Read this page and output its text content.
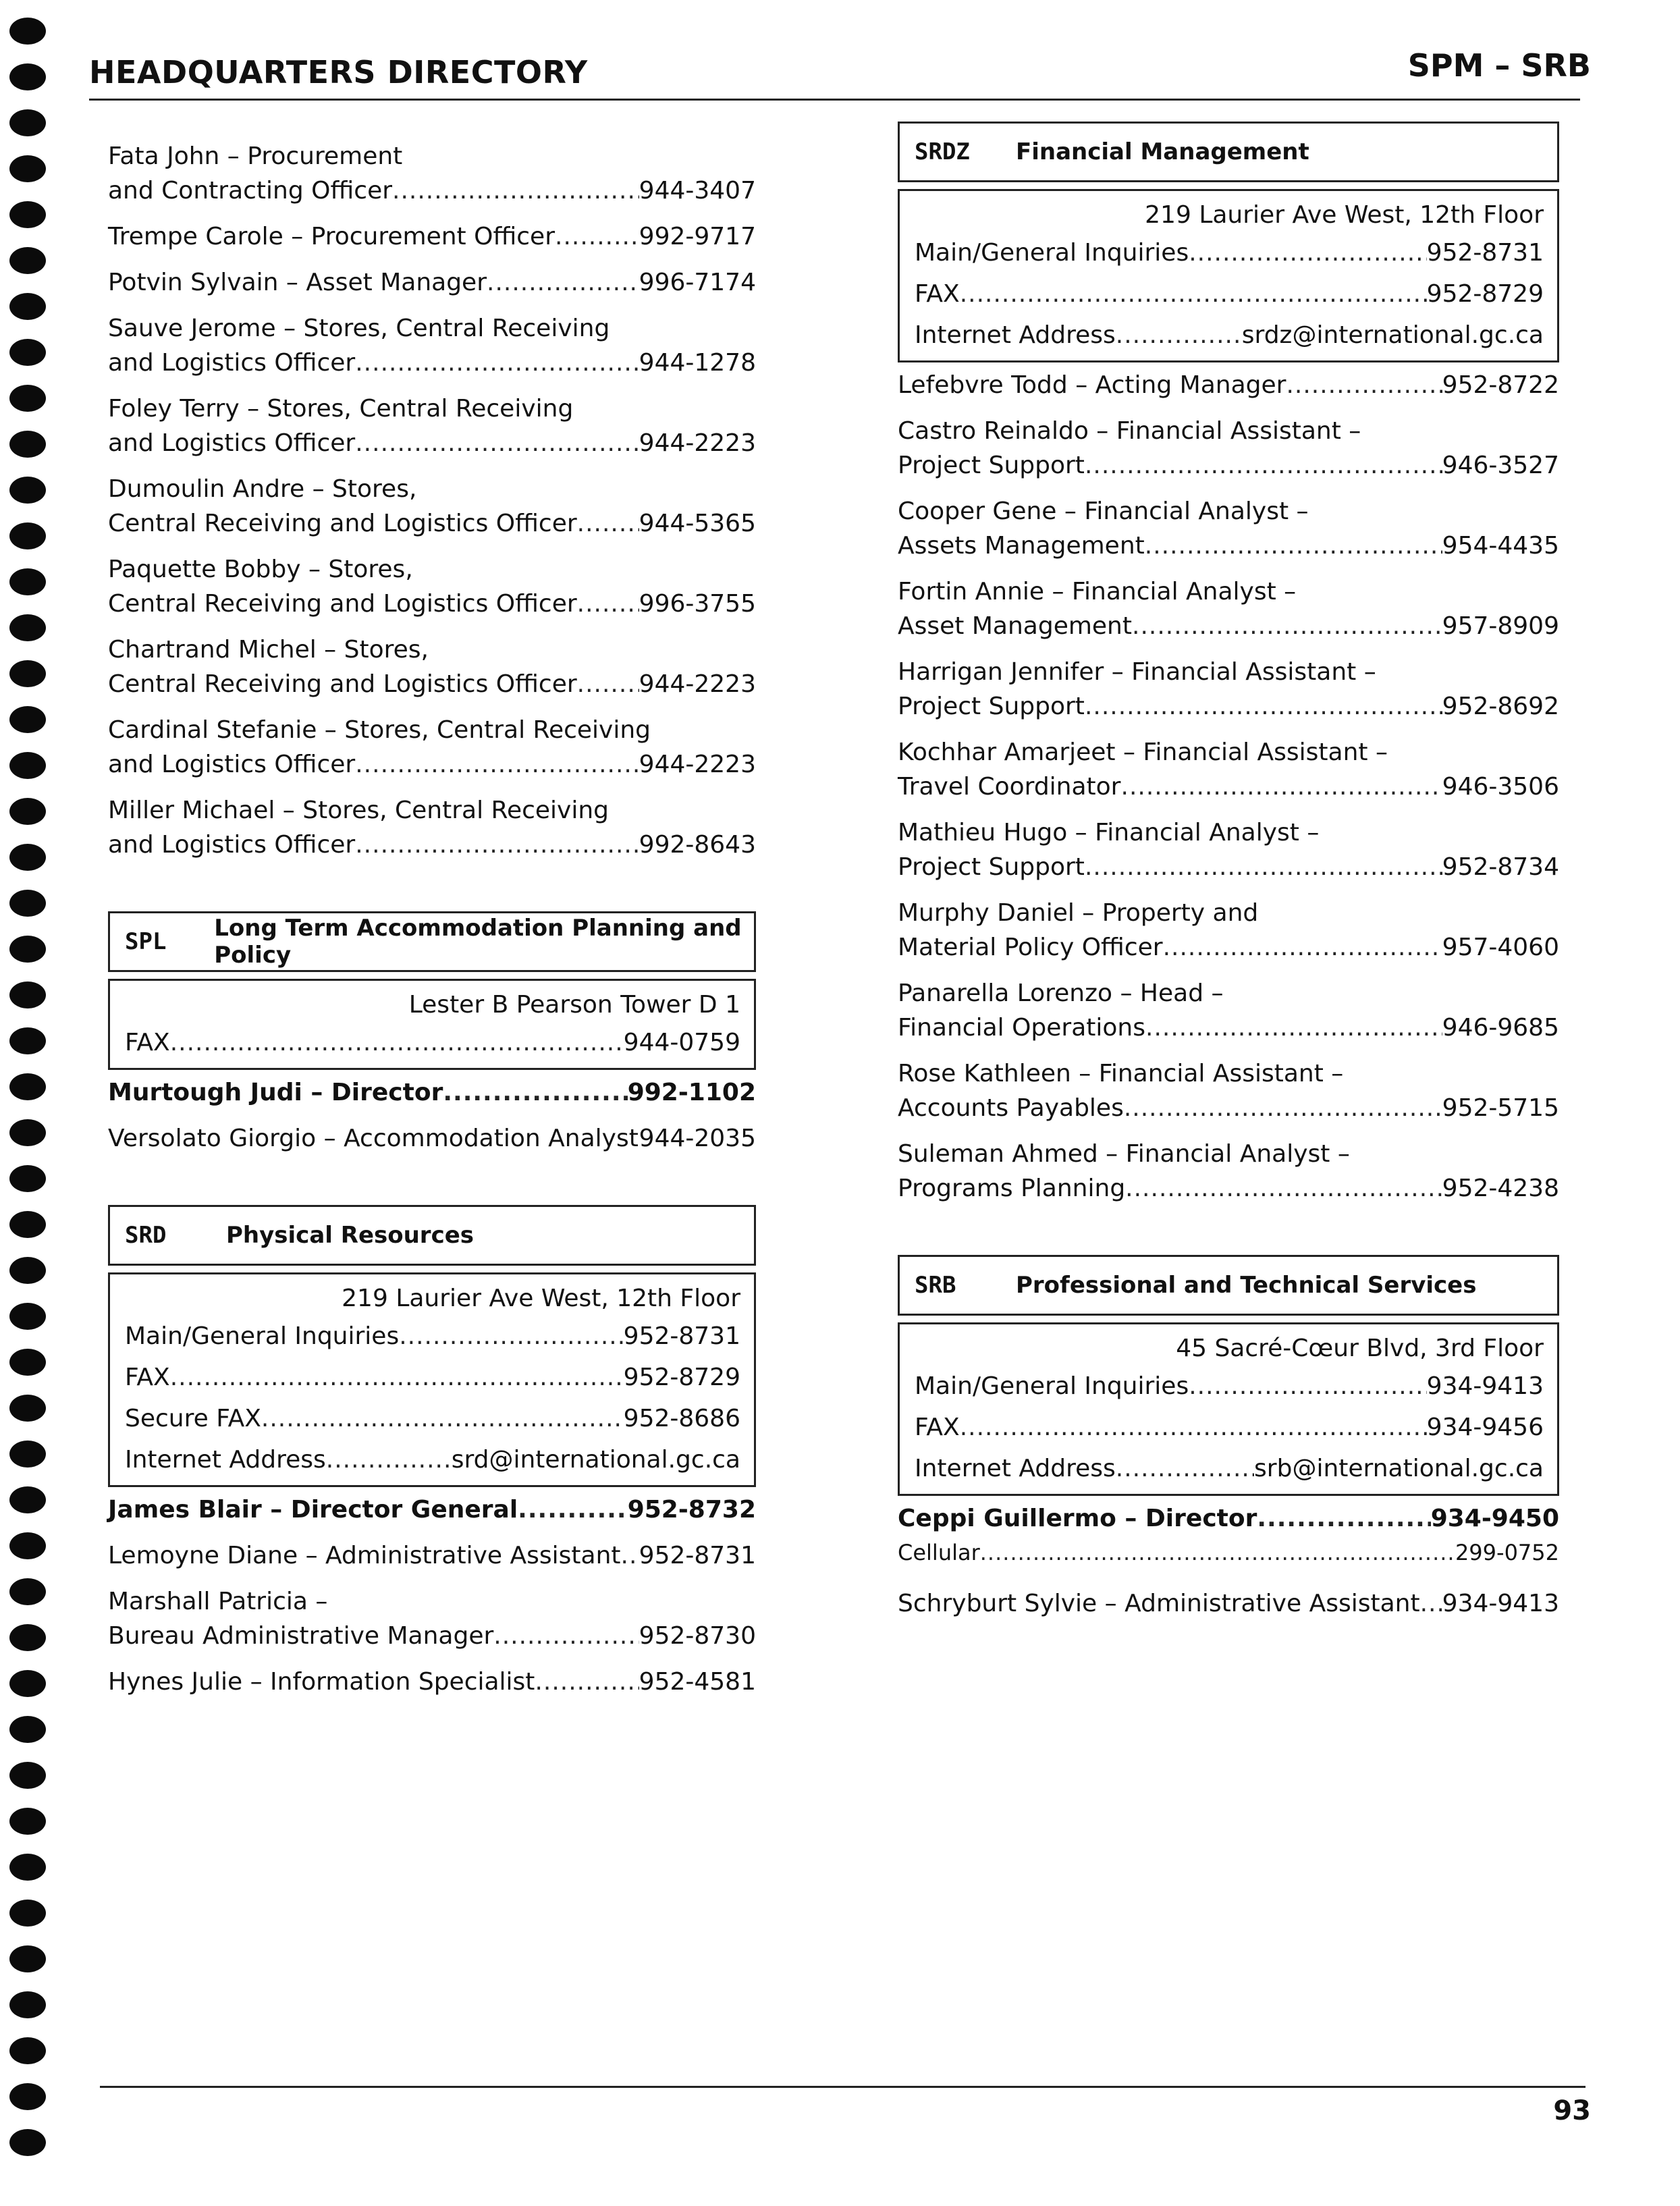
HEADQUARTERS DIRECTORY	SPM – SRB
Fata John – Procurement
and Contracting Officer .....	944-3407
Trempe Carole – Procurement Officer .....	992-9717
Potvin Sylvain – Asset Manager .....	996-7174
Sauve Jerome – Stores, Central Receiving
and Logistics Officer .....	944-1278
Foley Terry – Stores, Central Receiving
and Logistics Officer .....	944-2223
Dumoulin Andre – Stores,
Central Receiving and Logistics Officer .....	944-5365
Paquette Bobby – Stores,
Central Receiving and Logistics Officer .....	996-3755
Chartrand Michel – Stores,
Central Receiving and Logistics Officer .....	944-2223
Cardinal Stefanie – Stores, Central Receiving
and Logistics Officer .....	944-2223
Miller Michael – Stores, Central Receiving
and Logistics Officer .....	992-8643
SPL	Long Term Accommodation Planning and Policy
Lester B Pearson Tower D 1
FAX .....	944-0759
Murtough Judi – Director .....	992-1102
Versolato Giorgio – Accommodation Analyst ..... 944-2035
SRD	Physical Resources
219 Laurier Ave West, 12th Floor
Main/General Inquiries .....	952-8731
FAX .....	952-8729
Secure FAX .....	952-8686
Internet Address .....	srd@international.gc.ca
James Blair – Director General .....	952-8732
Lemoyne Diane – Administrative Assistant ..... 952-8731
Marshall Patricia –
Bureau Administrative Manager .....	952-8730
Hynes Julie – Information Specialist .....	952-4581
SRDZ	Financial Management
219 Laurier Ave West, 12th Floor
Main/General Inquiries .....	952-8731
FAX .....	952-8729
Internet Address .....	srdz@international.gc.ca
Lefebvre Todd – Acting Manager .....	952-8722
Castro Reinaldo – Financial Assistant –
Project Support .....	946-3527
Cooper Gene – Financial Analyst –
Assets Management .....	954-4435
Fortin Annie – Financial Analyst –
Asset Management .....	957-8909
Harrigan Jennifer – Financial Assistant –
Project Support .....	952-8692
Kochhar Amarjeet – Financial Assistant –
Travel Coordinator .....	946-3506
Mathieu Hugo – Financial Analyst –
Project Support .....	952-8734
Murphy Daniel – Property and
Material Policy Officer .....	957-4060
Panarella Lorenzo – Head –
Financial Operations .....	946-9685
Rose Kathleen – Financial Assistant –
Accounts Payables .....	952-5715
Suleman Ahmed – Financial Analyst –
Programs Planning .....	952-4238
SRB	Professional and Technical Services
45 Sacré-Cœur Blvd, 3rd Floor
Main/General Inquiries .....	934-9413
FAX .....	934-9456
Internet Address .....	srb@international.gc.ca
Ceppi Guillermo – Director .....	934-9450
Cellular .....	299-0752
Schryburt Sylvie – Administrative Assistant ..... 934-9413
93
